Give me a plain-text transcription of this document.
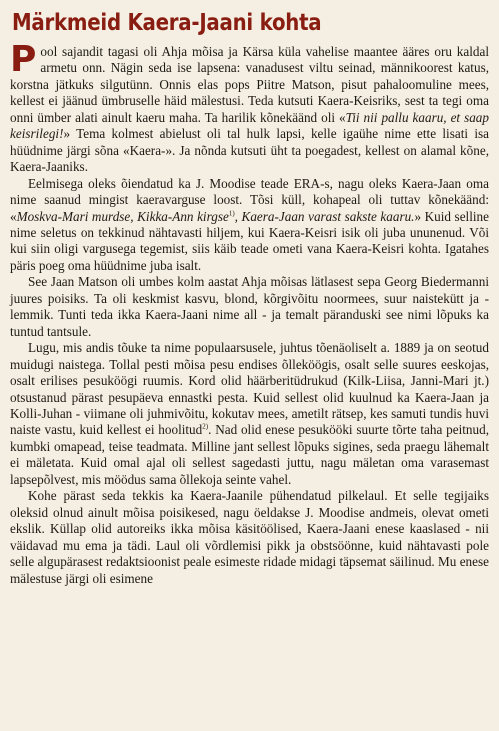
Märkmeid Kaera-Jaani kohta

Pool sajandit tagasi oli Ahja mõisa ja Kärsa küla vahelise maantee ääres oru kaldal armetu onn. Nägin seda ise lapsena: vanadusest viltu seinad, männikoorest katus, korstna jätkuks silgutünn. Onnis elas pops Piitre Matson, pisut pahaloomuline mees, kellest ei jäänud ümbruselle häid mälestusi. Teda kutsuti Kaera-Keisriks, sest ta tegi oma onni ümber alati ainult kaeru maha. Ta harilik kõnekäänd oli «Tii nii pallu kaaru, et saap keisrilegi!» Tema kolmest abielust oli tal hulk lapsi, kelle igaühe nime ette lisati isa hüüdnime järgi sõna «Kaera-». Ja nõnda kutsuti üht ta poegadest, kellest on alamal kõne, Kaera-Jaaniks.

Eelmisega oleks õiendatud ka J. Moodise teade ERA-s, nagu oleks Kaera-Jaan oma nime saanud mingist kaeravarguse loost. Tõsi küll, kohapeal oli tuttav kõnekäänd: «Moskva-Mari murdse, Kikka-Ann kirgse$^{1)}$, Kaera-Jaan varast sakste kaaru.» Kuid selline nime seletus on tekkinud nähtavasti hiljem, kui Kaera-Keisri isik oli juba ununenud. Või kui siin oligi vargusega tegemist, siis käib teade ometi vana Kaera-Keisri kohta. Igatahes päris poeg oma hüüdnime juba isalt.

See Jaan Matson oli umbes kolm aastat Ahja mõisas lätlasest sepa Georg Biedermanni juures poisiks. Ta oli keskmist kasvu, blond, kõrgivõitu noormees, suur naistekütt ja -lemmik. Tunti teda ikka Kaera-Jaani nime all - ja temalt päranduski see nimi lõpuks ka tuntud tantsule.

Lugu, mis andis tõuke ta nime populaarsusele, juhtus tõenäoliselt a. 1889 ja on seotud muidugi naistega. Tollal pesti mõisa pesu endises õlleköögis, osalt selle suures eeskojas, osalt erilises pesuköögi ruumis. Kord olid häärberitüdrukud (Kilk-Liisa, Janni-Mari jt.) otsustanud pärast pesupäeva ennastki pesta. Kuid sellest olid kuulnud ka Kaera-Jaan ja Kolli-Juhan - viimane oli juhmivõitu, kokutav mees, ametilt rätsep, kes samuti tundis huvi naiste vastu, kuid kellest ei hoolitud$^{2)}$. Nad olid enese pesukööki suurte tõrte taha peitnud, kumbki omapead, teise teadmata. Milline jant sellest lõpuks sigines, seda praegu lähemalt ei mäletata. Kuid omal ajal oli sellest sagedasti juttu, nagu mäletan oma varasemast lapsepõlvest, mis möödus sama õllekoja seinte vahel.

Kohe pärast seda tekkis ka Kaera-Jaanile pühendatud pilkelaul. Et selle tegijaiks oleksid olnud ainult mõisa poisikesed, nagu öeldakse J. Moodise andmeis, olevat ometi ekslik. Küllap olid autoreiks ikka mõisa käsitöölised, Kaera-Jaani enese kaaslased - nii väidavad mu ema ja tädi. Laul oli võrdlemisi pikk ja obstsöönne, kuid nähtavasti pole selle algupärasest redaktsioonist peale esimeste ridade midagi täpsemat säilinud. Mu enese mälestuse järgi oli esimene
